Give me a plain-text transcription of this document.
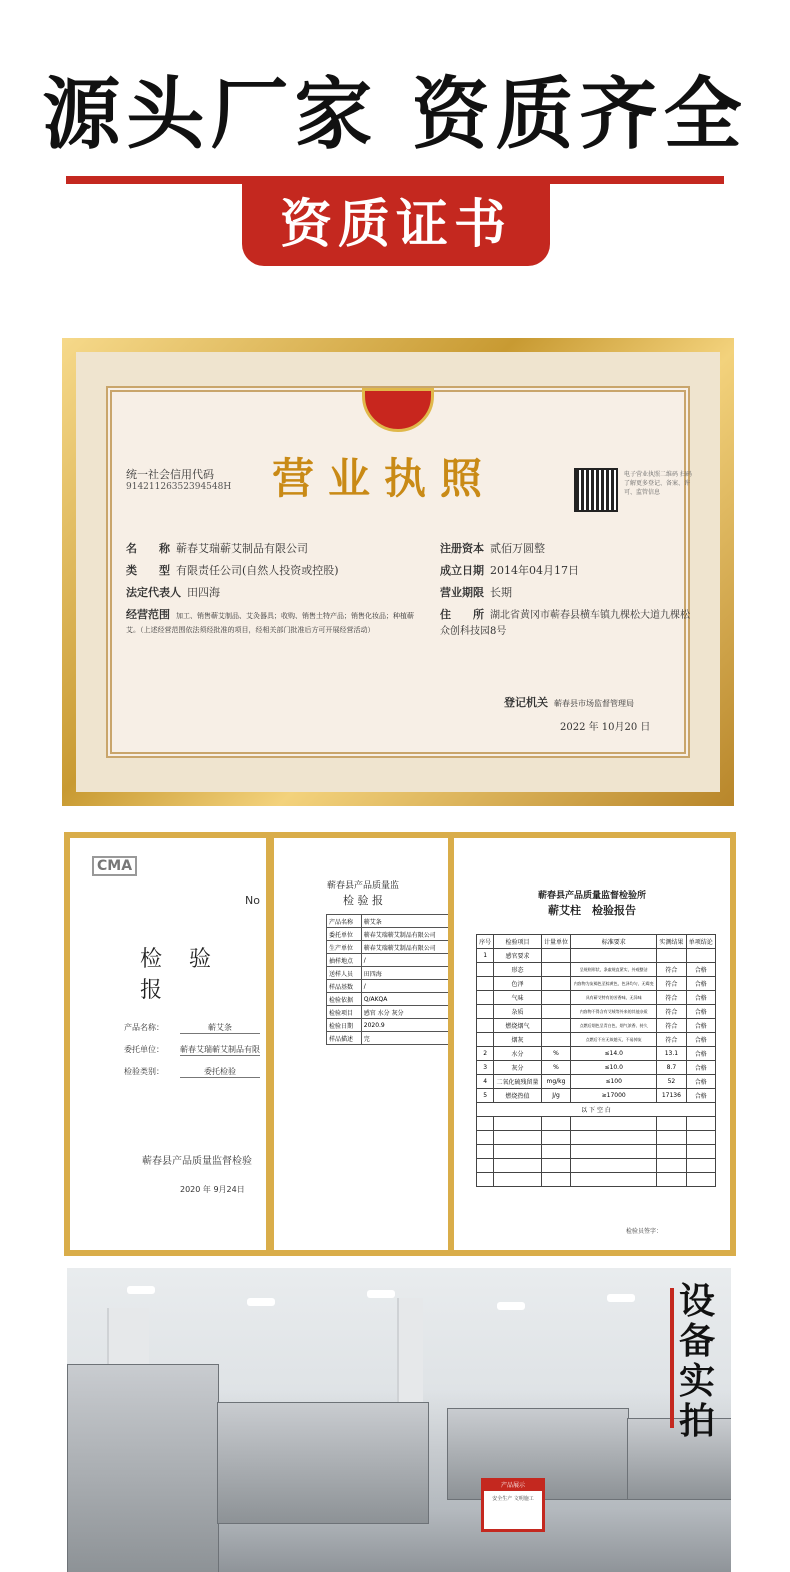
源头厂家 资质齐全
资质证书
营业执照
统一社会信用代码
91421126352394548H
电子营业执照二维码 扫码了解更多登记、备案、许可、监管信息
名　　称 蕲春艾瑞蕲艾制品有限公司
类　　型 有限责任公司(自然人投资或控股)
法定代表人 田四海
经营范围 加工、销售蕲艾制品、艾灸器具；收购、销售土特产品；销售化妆品；种植蕲艾。（上述经营范围依法须经批准的项目，经相关部门批准后方可开展经营活动）
注册资本 贰佰万圆整
成立日期 2014年04月17日
营业期限 长期
住　　所 湖北省黄冈市蕲春县横车镇九棵松大道九棵松众创科技园8号
登记机关 蕲春县市场监督管理局
2022 年 10月20 日
CMA
No
检 验 报
产品名称：	蕲艾条
委托单位： 蕲春艾瑞蕲艾制品有限
检验类别：	委托检验
蕲春县产品质量监督检验
2020 年 9月24日
蕲春县产品质量监
检 验 报
产品名称	蕲艾条
委托单位	蕲春艾瑞蕲艾制品有限公司
生产单位	蕲春艾瑞蕲艾制品有限公司
抽样地点	/
送样人员	田四海
样品基数	/
检验依据	Q/AKQA
检验项目	感官 水分 灰分
检验日期	2020.9
样品描述	完
蕲春县产品质量监督检验所
蕲艾柱　检验报告
序号	检验项目	计量单位	标准要求	实测结果	单项结论
1	感官要求				
	形态		呈规则形状，条索规直紧实，外观整洁	符合	合格
	色泽		内容物为灰褐色至棕黄色，色泽均匀，无霉变	符合	合格
	气味		具有蕲艾特有的芳香味，无异味	符合	合格
	杂质		内容物不得含有艾绒等外来的其他杂质	符合	合格
	燃烧烟气		点燃后烟色呈青白色，烟气浓香、持久	符合	合格
	烟灰		点燃后不应无故熄灭，不易掉灰	符合	合格
2	水分	%	≤14.0	13.1	合格
3	灰分	%	≤10.0	8.7	合格
4	二氧化硫残留量	mg/kg	≤100	52	合格
5	燃烧热值	J/g	≥17000	17136	合格
以 下 空 白					

检验员签字：
产品展示
安全生产 文明施工
设备实拍
